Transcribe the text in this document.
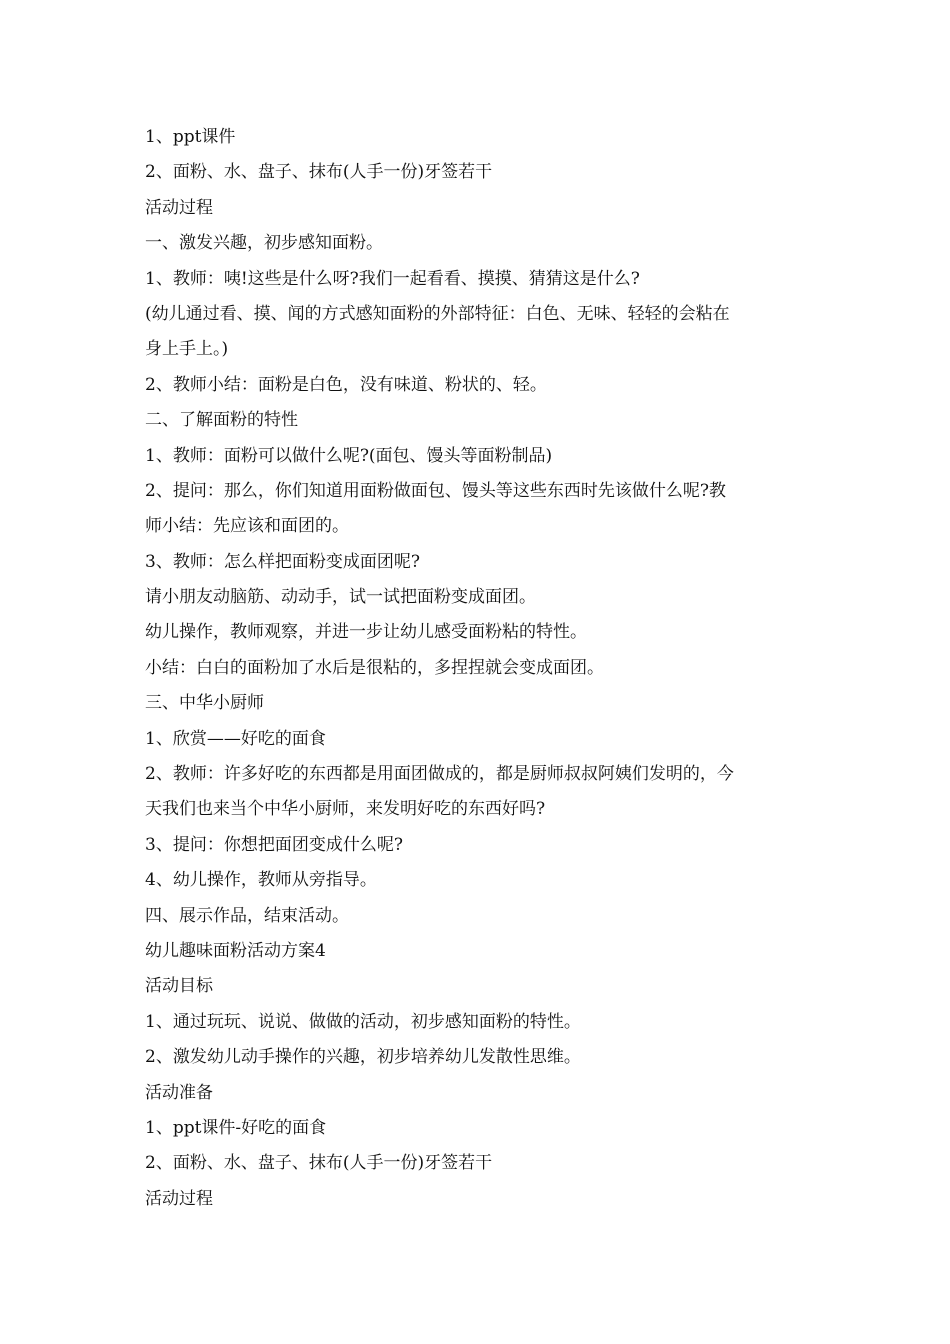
1、ppt课件
2、面粉、水、盘子、抹布(人手一份)牙签若干
活动过程
一、激发兴趣，初步感知面粉。
1、教师：咦!这些是什么呀?我们一起看看、摸摸、猜猜这是什么?
(幼儿通过看、摸、闻的方式感知面粉的外部特征：白色、无味、轻轻的会粘在
身上手上。)
2、教师小结：面粉是白色，没有味道、粉状的、轻。
二、了解面粉的特性
1、教师：面粉可以做什么呢?(面包、馒头等面粉制品)
2、提问：那么，你们知道用面粉做面包、馒头等这些东西时先该做什么呢?教
师小结：先应该和面团的。
3、教师：怎么样把面粉变成面团呢?
请小朋友动脑筋、动动手，试一试把面粉变成面团。
幼儿操作，教师观察，并进一步让幼儿感受面粉粘的特性。
小结：白白的面粉加了水后是很粘的，多捏捏就会变成面团。
三、中华小厨师
1、欣赏——好吃的面食
2、教师：许多好吃的东西都是用面团做成的，都是厨师叔叔阿姨们发明的，今
天我们也来当个中华小厨师，来发明好吃的东西好吗?
3、提问：你想把面团变成什么呢?
4、幼儿操作，教师从旁指导。
四、展示作品，结束活动。
幼儿趣味面粉活动方案4
活动目标
1、通过玩玩、说说、做做的活动，初步感知面粉的特性。
2、激发幼儿动手操作的兴趣，初步培养幼儿发散性思维。
活动准备
1、ppt课件-好吃的面食
2、面粉、水、盘子、抹布(人手一份)牙签若干
活动过程
